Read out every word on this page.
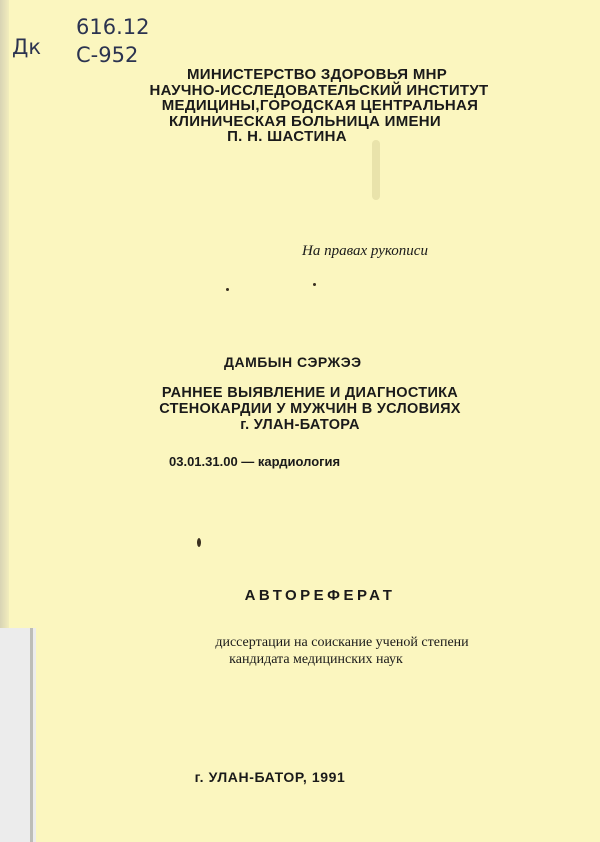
Дк
616.12
С-952
МИНИСТЕРСТВО ЗДОРОВЬЯ МНР
НАУЧНО-ИССЛЕДОВАТЕЛЬСКИЙ ИНСТИТУТ
МЕДИЦИНЫ,ГОРОДСКАЯ ЦЕНТРАЛЬНАЯ
КЛИНИЧЕСКАЯ БОЛЬНИЦА ИМЕНИ
П. Н. ШАСТИНА
На правах рукописи
ДАМБЫН СЭРЖЭЭ
РАННЕЕ ВЫЯВЛЕНИЕ И ДИАГНОСТИКА
СТЕНОКАРДИИ У МУЖЧИН В УСЛОВИЯХ
г. УЛАН-БАТОРА
03.01.31.00 — кардиология
АВТОРЕФЕРАТ
диссертации на соискание ученой степени
кандидата медицинских наук
г. УЛАН-БАТОР, 1991
